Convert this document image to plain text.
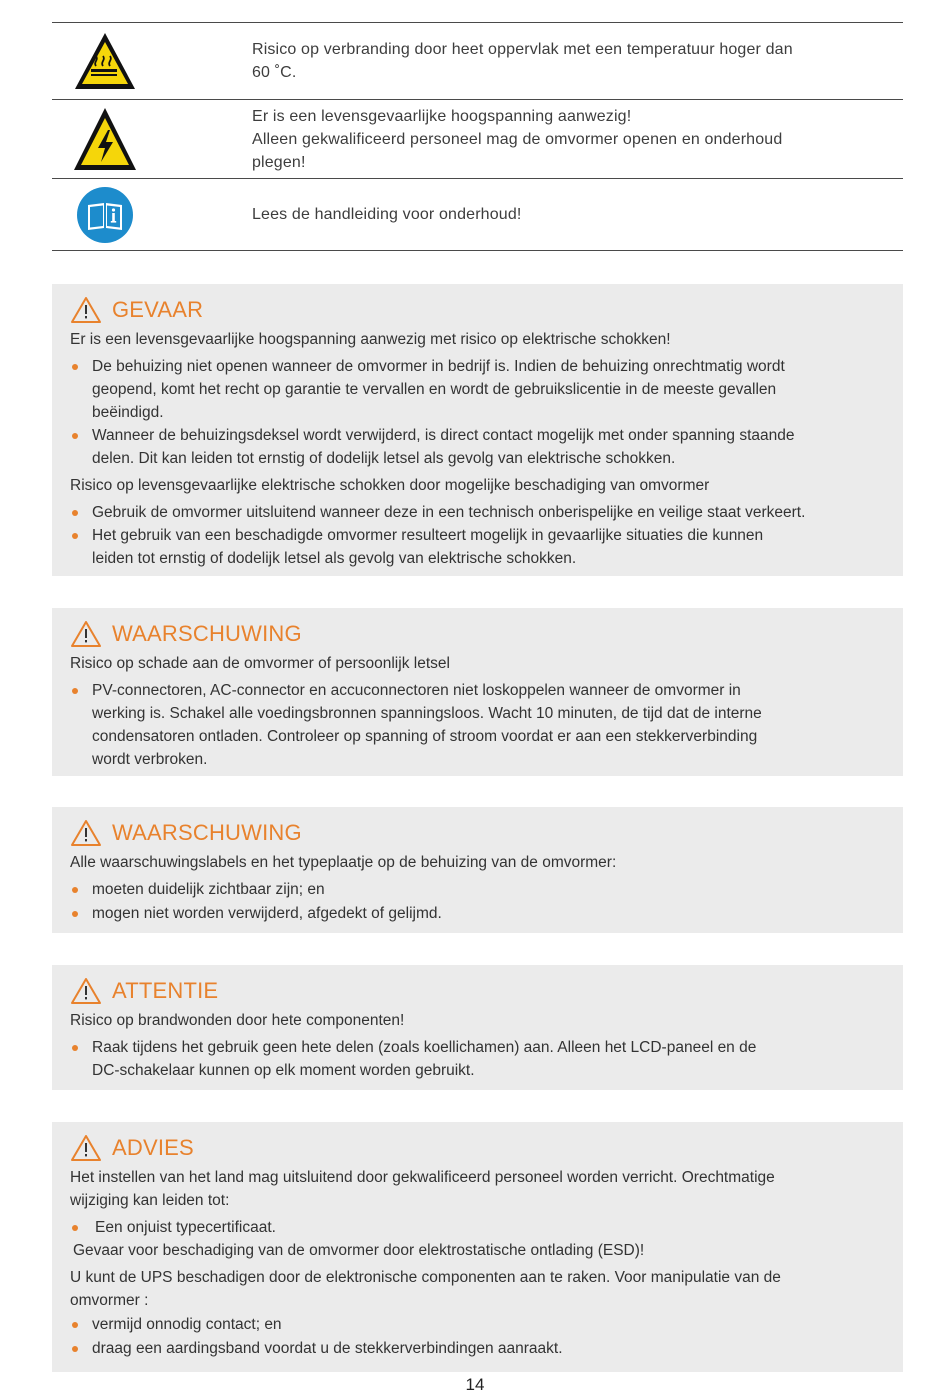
Risico op verbranding door heet oppervlak met een temperatuur hoger dan
60 ˚C.
Er is een levensgevaarlijke hoogspanning aanwezig!
Alleen gekwalificeerd personeel mag de omvormer openen en onderhoud
plegen!
Lees de handleiding voor onderhoud!
GEVAAR
Er is een levensgevaarlijke hoogspanning aanwezig met risico op elektrische schokken!
De behuizing niet openen wanneer de omvormer in bedrijf is. Indien de behuizing onrechtmatig wordt
geopend, komt het recht op garantie te vervallen en wordt de gebruikslicentie in de meeste gevallen
beëindigd.
Wanneer de behuizingsdeksel wordt verwijderd, is direct contact mogelijk met onder spanning staande
delen. Dit kan leiden tot ernstig of dodelijk letsel als gevolg van elektrische schokken.
Risico op levensgevaarlijke elektrische schokken door mogelijke beschadiging van omvormer
Gebruik de omvormer uitsluitend wanneer deze in een technisch onberispelijke en veilige staat verkeert.
Het gebruik van een beschadigde omvormer resulteert mogelijk in gevaarlijke situaties die kunnen
leiden tot ernstig of dodelijk letsel als gevolg van elektrische schokken.
WAARSCHUWING
Risico op schade aan de omvormer of persoonlijk letsel
PV-connectoren, AC-connector en accuconnectoren niet loskoppelen wanneer de omvormer in
werking is. Schakel alle voedingsbronnen spanningsloos. Wacht 10 minuten, de tijd dat de interne
condensatoren ontladen. Controleer op spanning of stroom voordat er aan een stekkerverbinding
wordt verbroken.
WAARSCHUWING
Alle waarschuwingslabels en het typeplaatje op de behuizing van de omvormer:
moeten duidelijk zichtbaar zijn; en
mogen niet worden verwijderd, afgedekt of gelijmd.
ATTENTIE
Risico op brandwonden door hete componenten!
Raak tijdens het gebruik geen hete delen (zoals koellichamen) aan. Alleen het LCD-paneel en de
DC-schakelaar kunnen op elk moment worden gebruikt.
ADVIES
Het instellen van het land mag uitsluitend door gekwalificeerd personeel worden verricht. Orechtmatige
wijziging kan leiden tot:
Een onjuist typecertificaat.
Gevaar voor beschadiging van de omvormer door elektrostatische ontlading (ESD)!
U kunt de UPS beschadigen door de elektronische componenten aan te raken. Voor manipulatie van de
omvormer :
vermijd onnodig contact; en
draag een aardingsband voordat u de stekkerverbindingen aanraakt.
14
